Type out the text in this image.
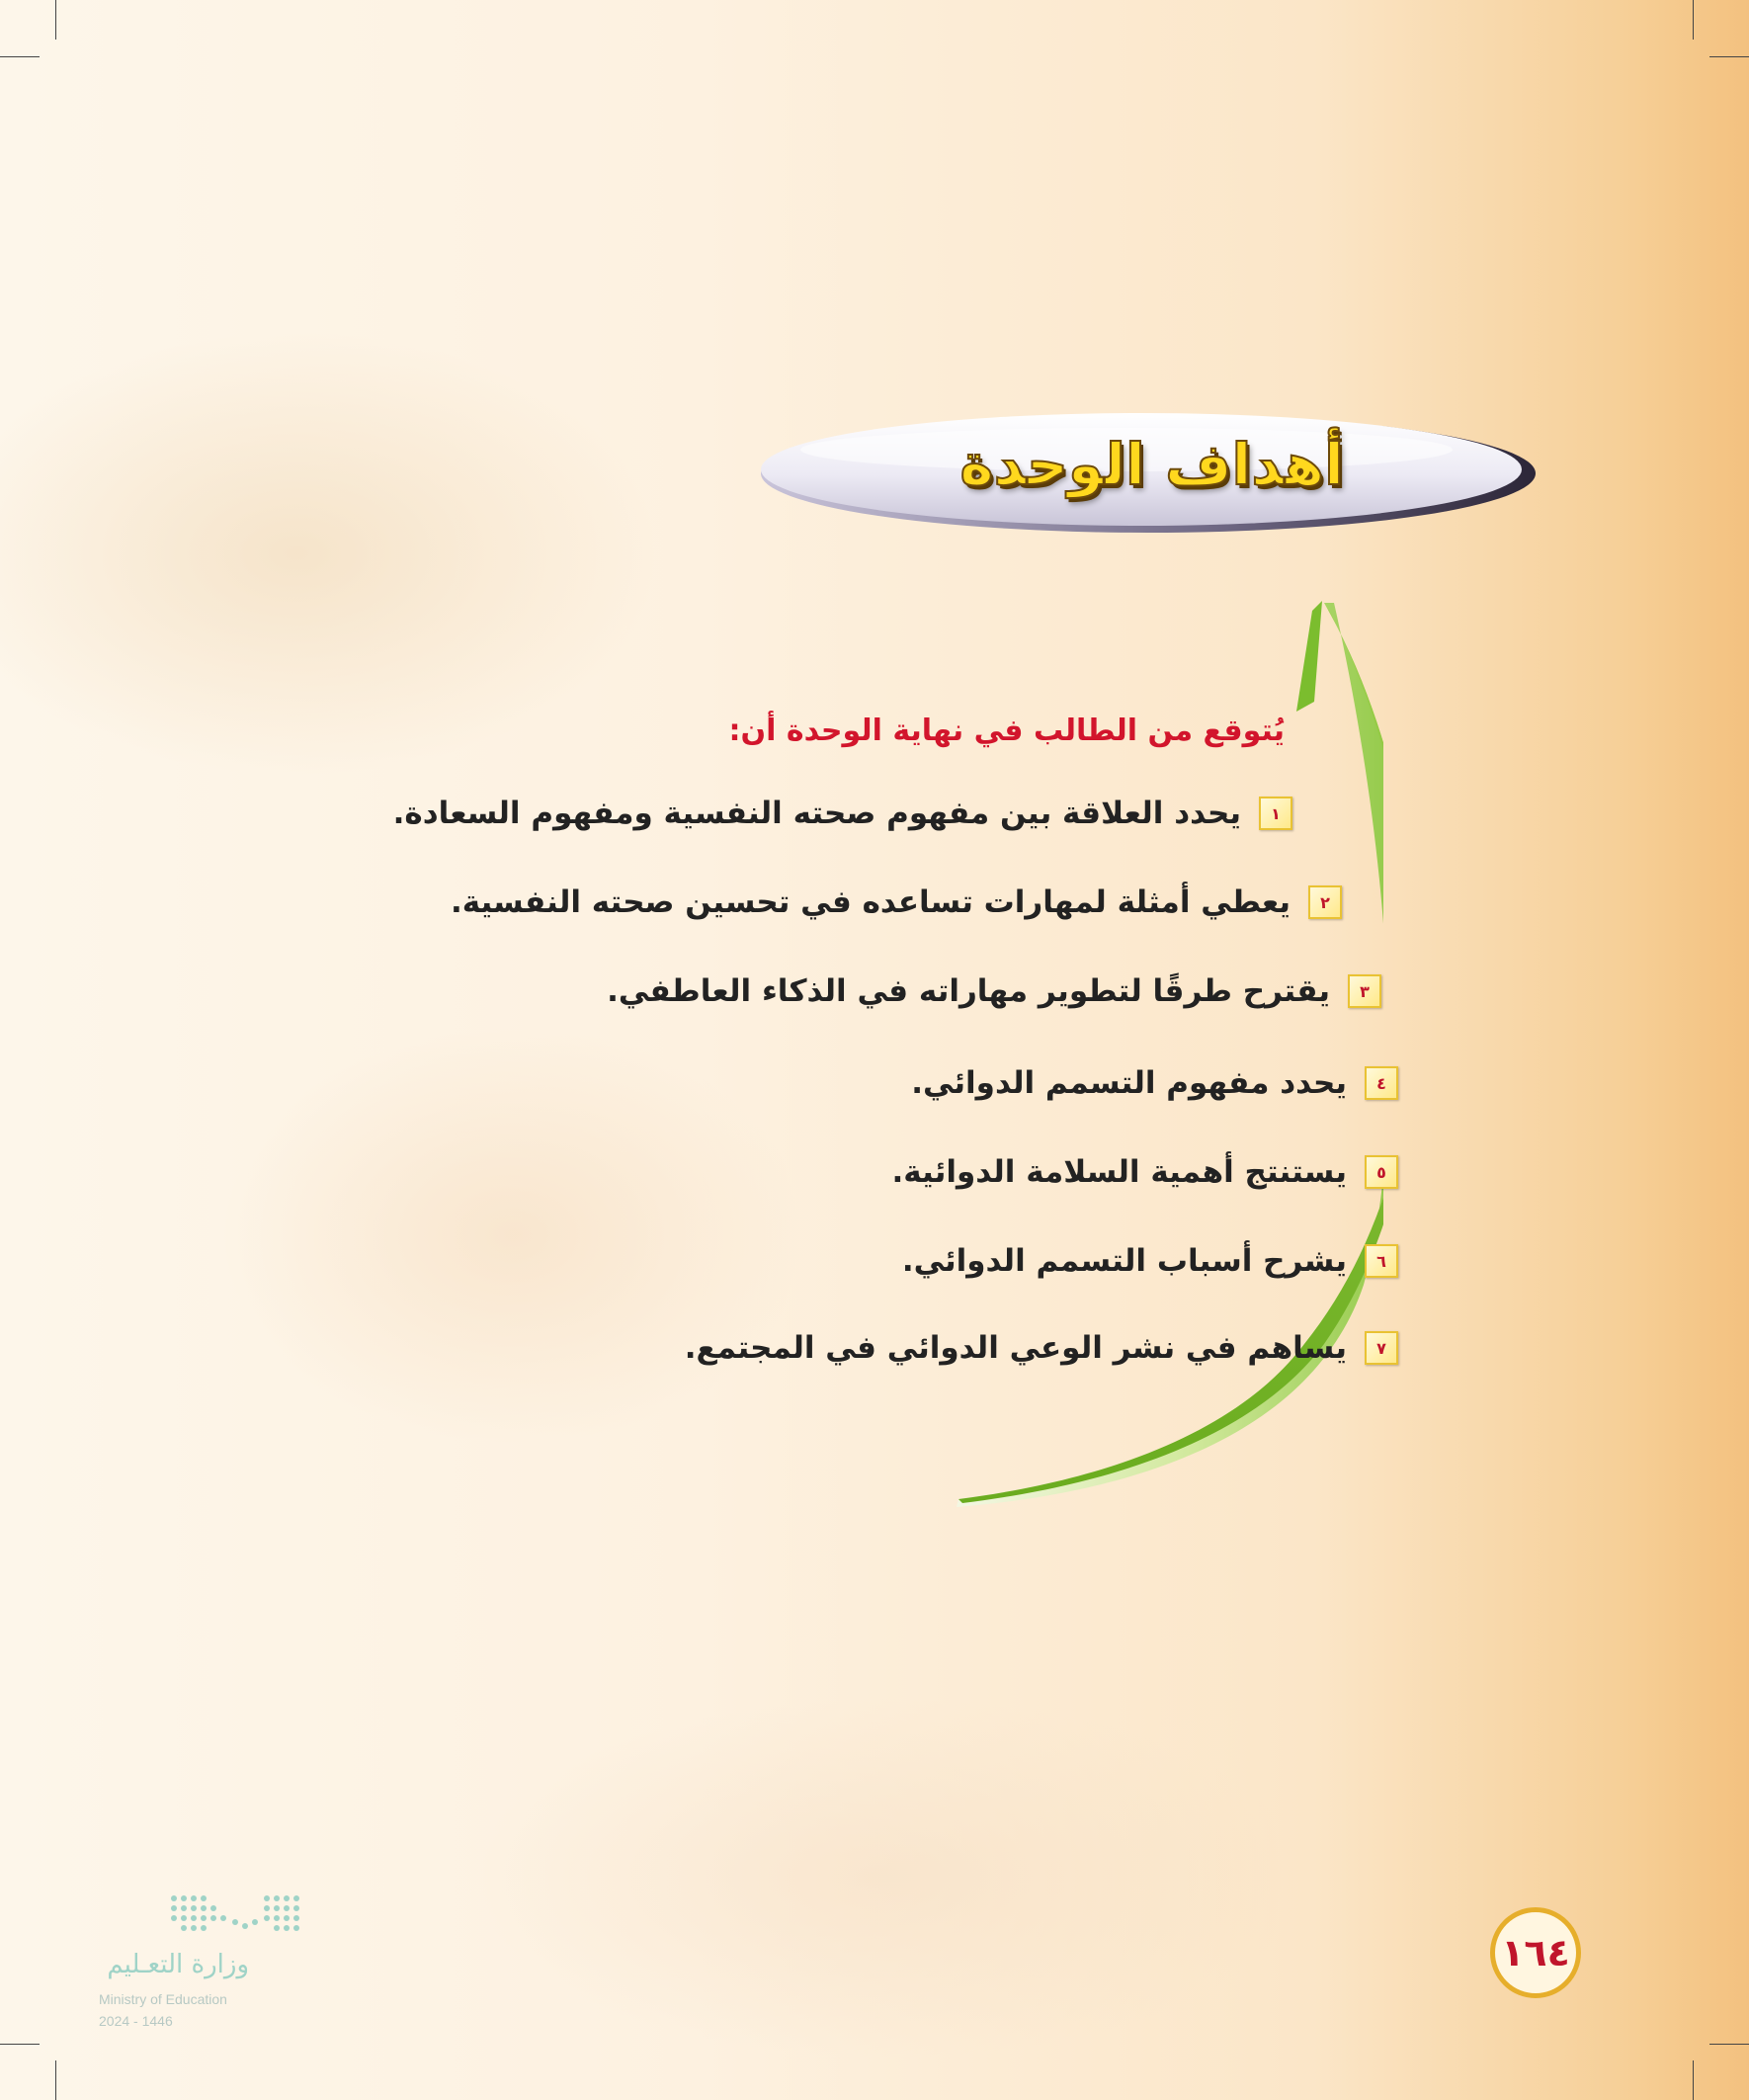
أهداف الوحدة
يُتوقع من الطالب في نهاية الوحدة أن:
١
يحدد العلاقة بين مفهوم صحته النفسية ومفهوم السعادة.
٢
يعطي أمثلة لمهارات تساعده في تحسين صحته النفسية.
٣
يقترح طرقًا لتطوير مهاراته في الذكاء العاطفي.
٤
يحدد مفهوم التسمم الدوائي.
٥
يستنتج أهمية السلامة الدوائية.
٦
يشرح أسباب التسمم الدوائي.
٧
يساهم في نشر الوعي الدوائي في المجتمع.
وزارة التعـليم
Ministry of Education
2024 - 1446
١٦٤
